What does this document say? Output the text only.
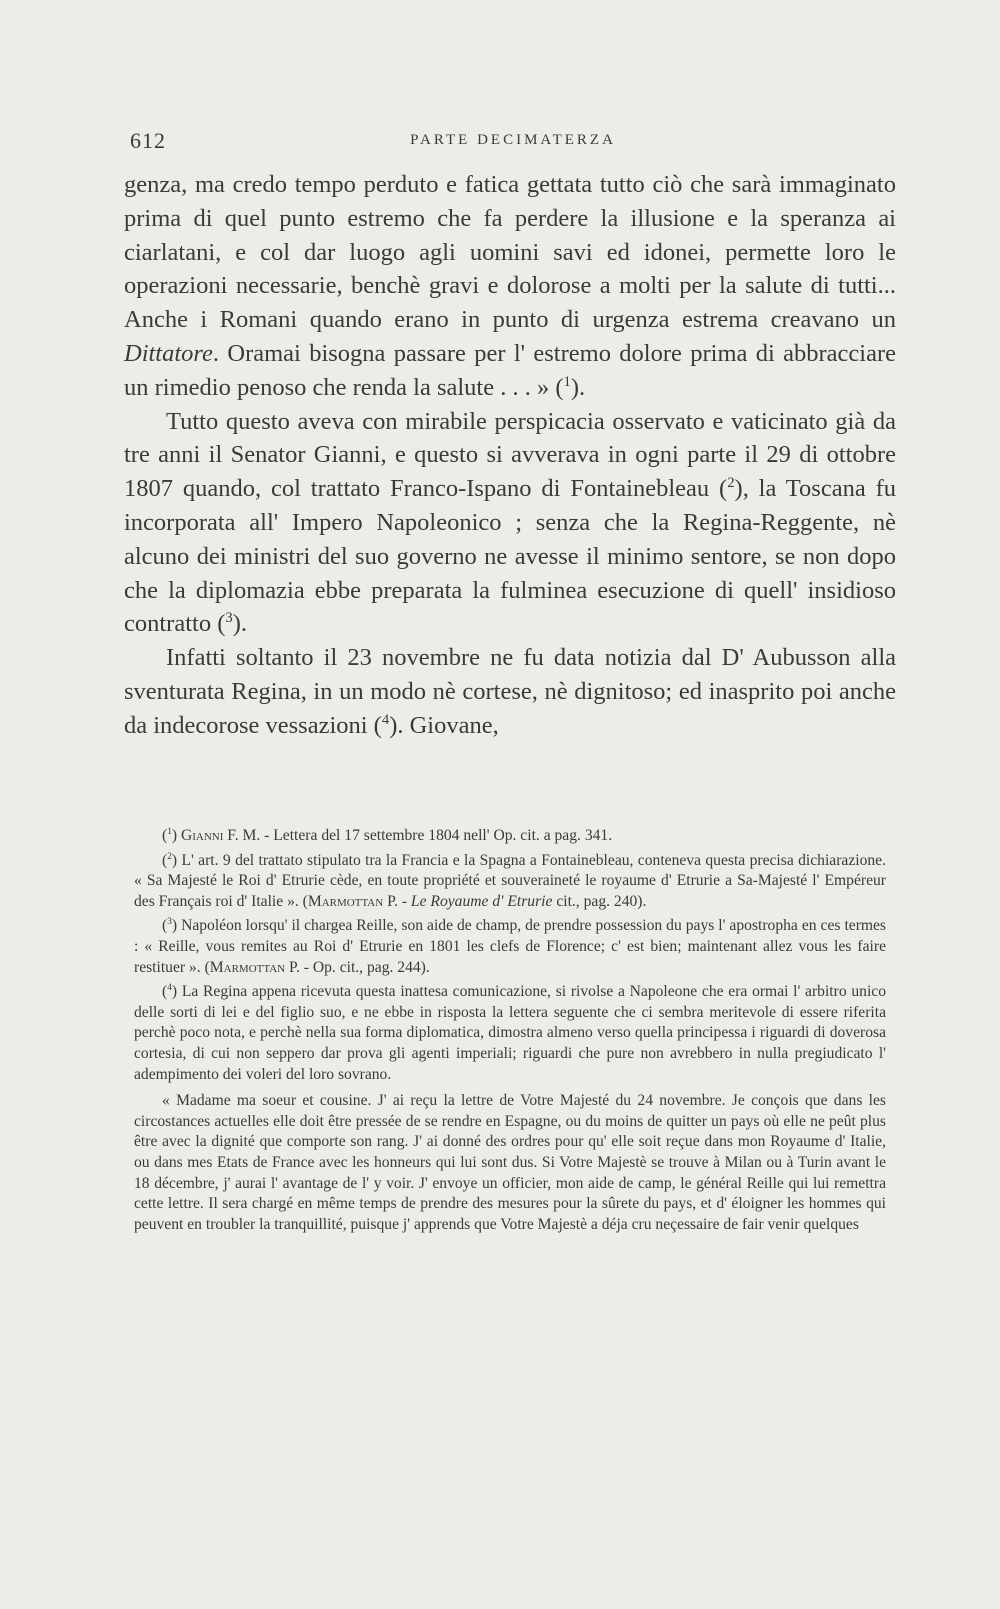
612	PARTE DECIMATERZA

genza, ma credo tempo perduto e fatica gettata tutto ciò che sarà immaginato prima di quel punto estremo che fa perdere la illusione e la speranza ai ciarlatani, e col dar luogo agli uomini savi ed idonei, permette loro le operazioni necessarie, benchè gravi e dolorose a molti per la salute di tutti... Anche i Romani quando erano in punto di urgenza estrema creavano un Dittatore. Oramai bisogna passare per l' estremo dolore prima di abbracciare un rimedio penoso che renda la salute . . . » ($^1$).

Tutto questo aveva con mirabile perspicacia osservato e vaticinato già da tre anni il Senator Gianni, e questo si avverava in ogni parte il 29 di ottobre 1807 quando, col trattato Franco-Ispano di Fontainebleau ($^2$), la Toscana fu incorporata all' Impero Napoleonico ; senza che la Regina-Reggente, nè alcuno dei ministri del suo governo ne avesse il minimo sentore, se non dopo che la diplomazia ebbe preparata la fulminea esecuzione di quell' insidioso contratto ($^3$).

Infatti soltanto il 23 novembre ne fu data notizia dal D' Aubusson alla sventurata Regina, in un modo nè cortese, nè dignitoso; ed inasprito poi anche da indecorose vessazioni ($^4$). Giovane,

($^1$) Gianni F. M. - Lettera del 17 settembre 1804 nell' Op. cit. a pag. 341.

($^2$) L' art. 9 del trattato stipulato tra la Francia e la Spagna a Fontainebleau, conteneva questa precisa dichiarazione. « Sa Majesté le Roi d' Etrurie cède, en toute propriété et souveraineté le royaume d' Etrurie a Sa-Majesté l' Empéreur des Français roi d' Italie ». (Marmottan P. - Le Royaume d' Etrurie cit., pag. 240).

($^3$) Napoléon lorsqu' il chargea Reille, son aide de champ, de prendre possession du pays l' apostropha en ces termes : « Reille, vous remites au Roi d' Etrurie en 1801 les clefs de Florence; c' est bien; maintenant allez vous les faire restituer ». (Marmottan P. - Op. cit., pag. 244).

($^4$) La Regina appena ricevuta questa inattesa comunicazione, si rivolse a Napoleone che era ormai l' arbitro unico delle sorti di lei e del figlio suo, e ne ebbe in risposta la lettera seguente che ci sembra meritevole di essere riferita perchè poco nota, e perchè nella sua forma diplomatica, dimostra almeno verso quella principessa i riguardi di doverosa cortesia, di cui non seppero dar prova gli agenti imperiali; riguardi che pure non avrebbero in nulla pregiudicato l' adempimento dei voleri del loro sovrano.

« Madame ma soeur et cousine. J' ai reçu la lettre de Votre Majesté du 24 novembre. Je conçois que dans les circostances actuelles elle doit être pressée de se rendre en Espagne, ou du moins de quitter un pays où elle ne peût plus être avec la dignité que comporte son rang. J' ai donné des ordres pour qu' elle soit reçue dans mon Royaume d' Italie, ou dans mes Etats de France avec les honneurs qui lui sont dus. Si Votre Majestè se trouve à Milan ou à Turin avant le 18 décembre, j' aurai l' avantage de l' y voir. J' envoye un officier, mon aide de camp, le général Reille qui lui remettra cette lettre. Il sera chargé en même temps de prendre des mesures pour la sûrete du pays, et d' éloigner les hommes qui peuvent en troubler la tranquillité, puisque j' apprends que Votre Majestè a déja cru neçessaire de fair venir quelques
